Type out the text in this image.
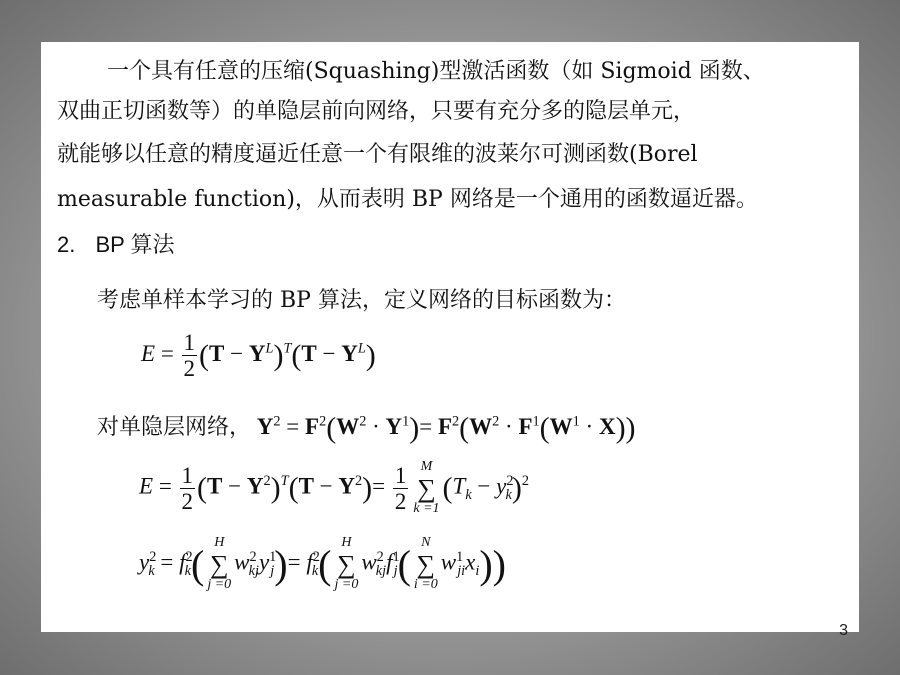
一个具有任意的压缩(Squashing)型激活函数（如 Sigmoid 函数、
双曲正切函数等）的单隐层前向网络，只要有充分多的隐层单元，
就能够以任意的精度逼近任意一个有限维的波莱尔可测函数(Borel
measurable function)，从而表明 BP 网络是一个通用的函数逼近器。
2. BP 算法
考虑单样本学习的 BP 算法，定义网络的目标函数为：
$E = \frac{1}{2} (T - Y^L)^T(T - Y^L)$
对单隐层网络， $Y^2 = F^2(W^2 \cdot Y^1)= F^2(W^2 \cdot F^1(W^1 \cdot X))$
$E = \frac{1}{2} (T - Y^2)^T(T - Y^2)= \frac{1}{2}$ M
∑
k =1
$(T_k - y^2_k)^2$
$y^2_k = f^2_k$( H
∑
j =0
$w^2_{kj}y^1_j)= f^2_k$( H
∑
j =0
$w^2_{kj}f^1_j$( N
∑
i =0
$w^1_{ji}x_i$))
3
